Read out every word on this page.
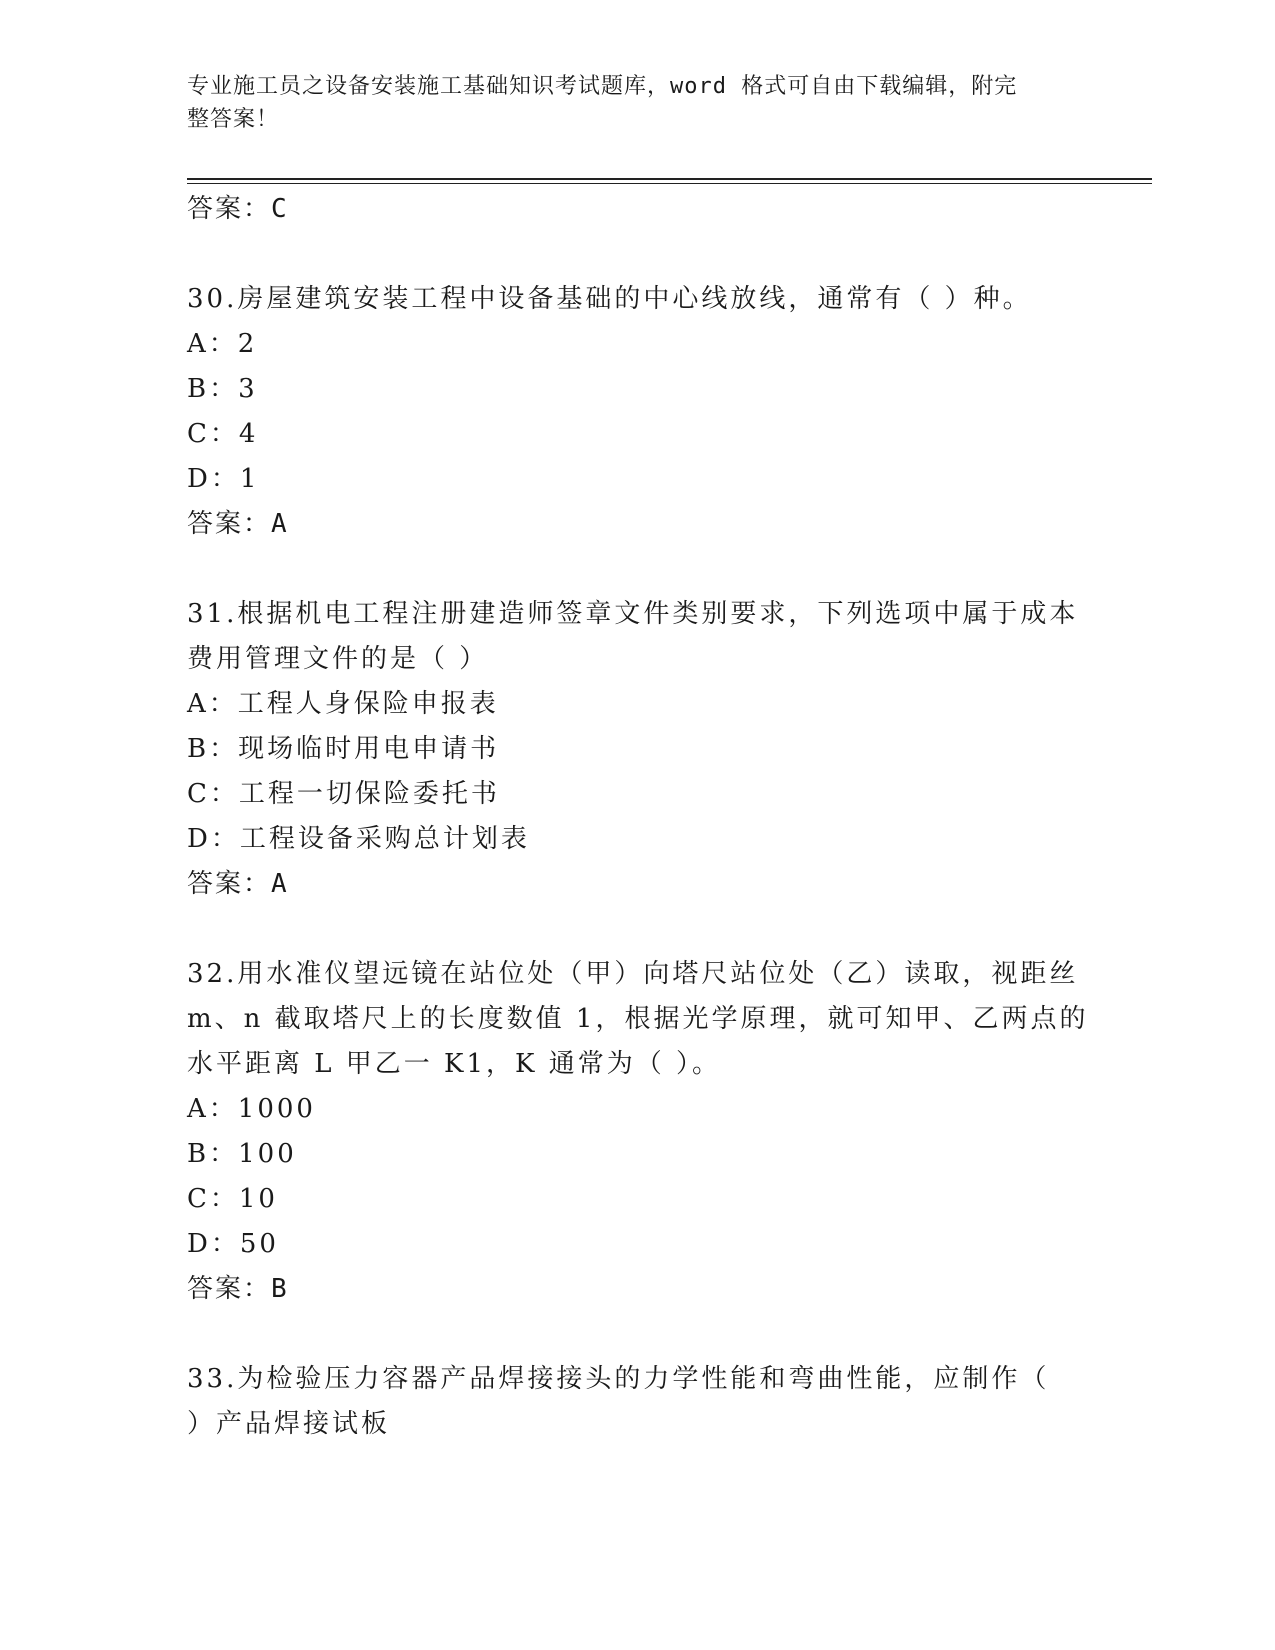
专业施工员之设备安装施工基础知识考试题库，word 格式可自由下载编辑，附完
整答案！
答案：C
30.房屋建筑安装工程中设备基础的中心线放线，通常有（ ）种。
A：2
B：3
C：4
D：1
答案：A
31.根据机电工程注册建造师签章文件类别要求，下列选项中属于成本
费用管理文件的是（ ）
A：工程人身保险申报表
B：现场临时用电申请书
C：工程一切保险委托书
D：工程设备采购总计划表
答案：A
32.用水准仪望远镜在站位处（甲）向塔尺站位处（乙）读取，视距丝
m、n 截取塔尺上的长度数值 1，根据光学原理，就可知甲、乙两点的
水平距离 L 甲乙一 K1，K 通常为（ ）。
A：1000
B：100
C：10
D：50
答案：B
33.为检验压力容器产品焊接接头的力学性能和弯曲性能，应制作（
）产品焊接试板
